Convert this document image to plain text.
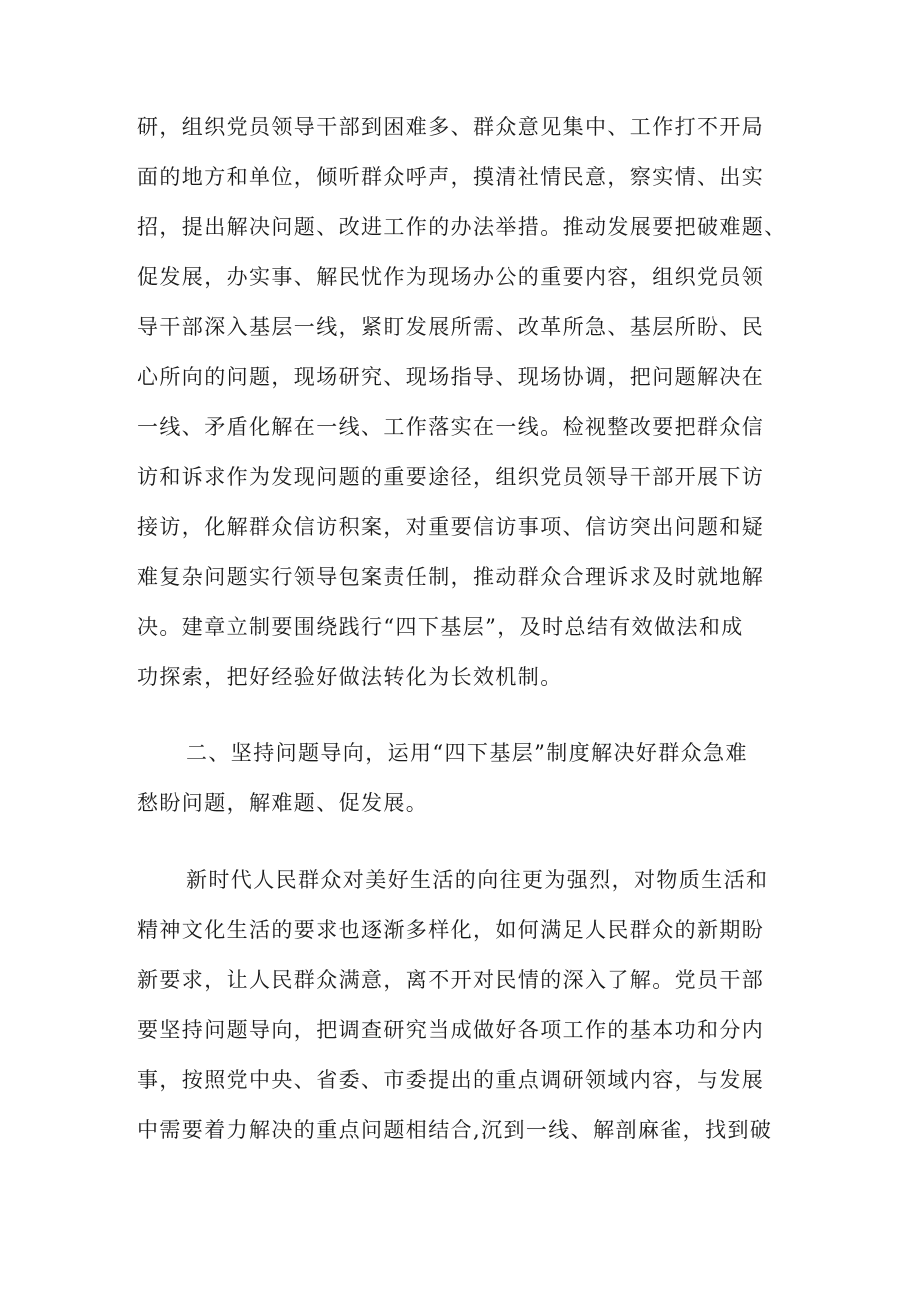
研，组织党员领导干部到困难多、群众意见集中、工作打不开局
面的地方和单位，倾听群众呼声，摸清社情民意，察实情、出实
招，提出解决问题、改进工作的办法举措。推动发展要把破难题、
促发展，办实事、解民忧作为现场办公的重要内容，组织党员领
导干部深入基层一线，紧盯发展所需、改革所急、基层所盼、民
心所向的问题，现场研究、现场指导、现场协调，把问题解决在
一线、矛盾化解在一线、工作落实在一线。检视整改要把群众信
访和诉求作为发现问题的重要途径，组织党员领导干部开展下访
接访，化解群众信访积案，对重要信访事项、信访突出问题和疑
难复杂问题实行领导包案责任制，推动群众合理诉求及时就地解
决。建章立制要围绕践行“四下基层”，及时总结有效做法和成
功探索，把好经验好做法转化为长效机制。
二、坚持问题导向，运用“四下基层”制度解决好群众急难
愁盼问题，解难题、促发展。
新时代人民群众对美好生活的向往更为强烈，对物质生活和
精神文化生活的要求也逐渐多样化，如何满足人民群众的新期盼
新要求，让人民群众满意，离不开对民情的深入了解。党员干部
要坚持问题导向，把调查研究当成做好各项工作的基本功和分内
事，按照党中央、省委、市委提出的重点调研领域内容，与发展
中需要着力解决的重点问题相结合,沉到一线、解剖麻雀，找到破
